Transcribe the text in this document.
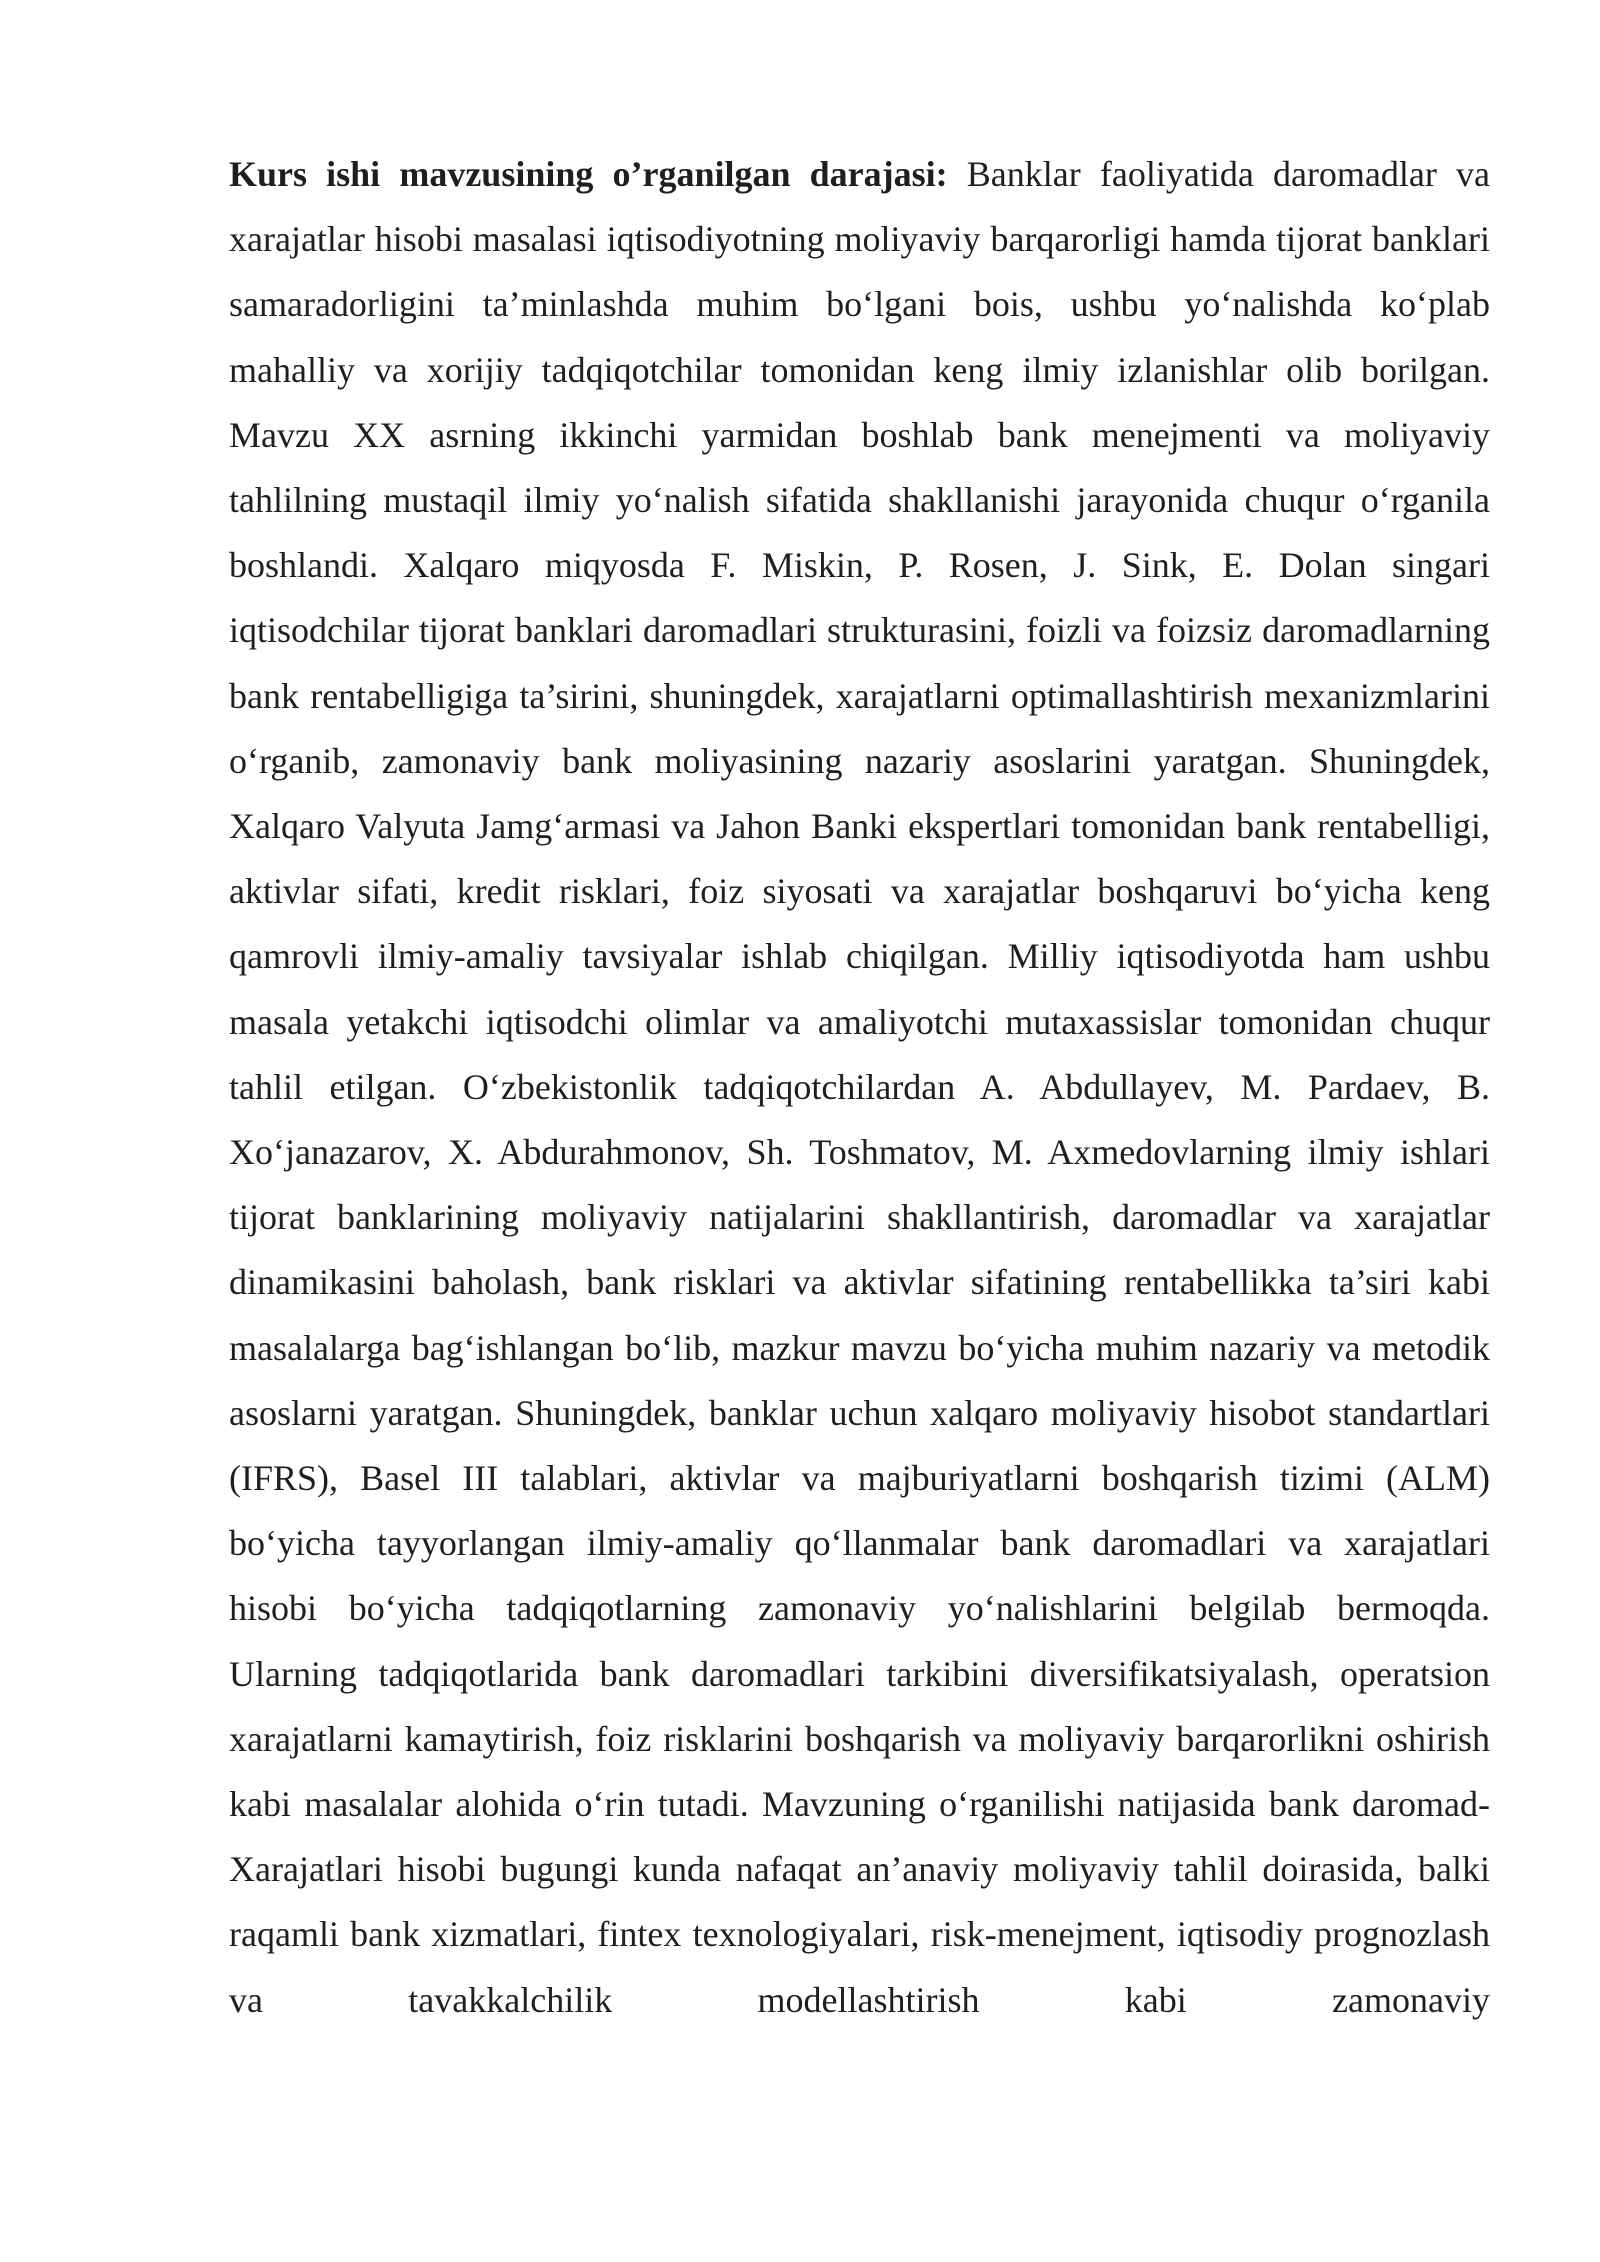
Kurs ishi mavzusining o’rganilgan darajasi: Banklar faoliyatida daromadlar va xarajatlar hisobi masalasi iqtisodiyotning moliyaviy barqarorligi hamda tijorat banklari samaradorligini ta’minlashda muhim bo‘lgani bois, ushbu yo‘nalishda ko‘plab mahalliy va xorijiy tadqiqotchilar tomonidan keng ilmiy izlanishlar olib borilgan. Mavzu XX asrning ikkinchi yarmidan boshlab bank menejmenti va moliyaviy tahlilning mustaqil ilmiy yo‘nalish sifatida shakllanishi jarayonida chuqur o‘rganila boshlandi. Xalqaro miqyosda F. Miskin, P. Rosen, J. Sink, E. Dolan singari iqtisodchilar tijorat banklari daromadlari strukturasini, foizli va foizsiz daromadlarning bank rentabelligiga ta’sirini, shuningdek, xarajatlarni optimallashtirish mexanizmlarini o‘rganib, zamonaviy bank moliyasining nazariy asoslarini yaratgan. Shuningdek, Xalqaro Valyuta Jamg‘armasi va Jahon Banki ekspertlari tomonidan bank rentabelligi, aktivlar sifati, kredit risklari, foiz siyosati va xarajatlar boshqaruvi bo‘yicha keng qamrovli ilmiy-amaliy tavsiyalar ishlab chiqilgan. Milliy iqtisodiyotda ham ushbu masala yetakchi iqtisodchi olimlar va amaliyotchi mutaxassislar tomonidan chuqur tahlil etilgan. O‘zbekistonlik tadqiqotchilardan A. Abdullayev, M. Pardaev, B. Xo‘janazarov, X. Abdurahmonov, Sh. Toshmatov, M. Axmedovlarning ilmiy ishlari tijorat banklarining moliyaviy natijalarini shakllantirish, daromadlar va xarajatlar dinamikasini baholash, bank risklari va aktivlar sifatining rentabellikka ta’siri kabi masalalarga bag‘ishlangan bo‘lib, mazkur mavzu bo‘yicha muhim nazariy va metodik asoslarni yaratgan. Shuningdek, banklar uchun xalqaro moliyaviy hisobot standartlari (IFRS), Basel III talablari, aktivlar va majburiyatlarni boshqarish tizimi (ALM) bo‘yicha tayyorlangan ilmiy-amaliy qo‘llanmalar bank daromadlari va xarajatlari hisobi bo‘yicha tadqiqotlarning zamonaviy yo‘nalishlarini belgilab bermoqda. Ularning tadqiqotlarida bank daromadlari tarkibini diversifikatsiyalash, operatsion xarajatlarni kamaytirish, foiz risklarini boshqarish va moliyaviy barqarorlikni oshirish kabi masalalar alohida o‘rin tutadi. Mavzuning o‘rganilishi natijasida bank daromad-Xarajatlari hisobi bugungi kunda nafaqat an’anaviy moliyaviy tahlil doirasida, balki raqamli bank xizmatlari, fintex texnologiyalari, risk-menejment, iqtisodiy prognozlash va tavakkalchilik modellashtirish kabi zamonaviy
